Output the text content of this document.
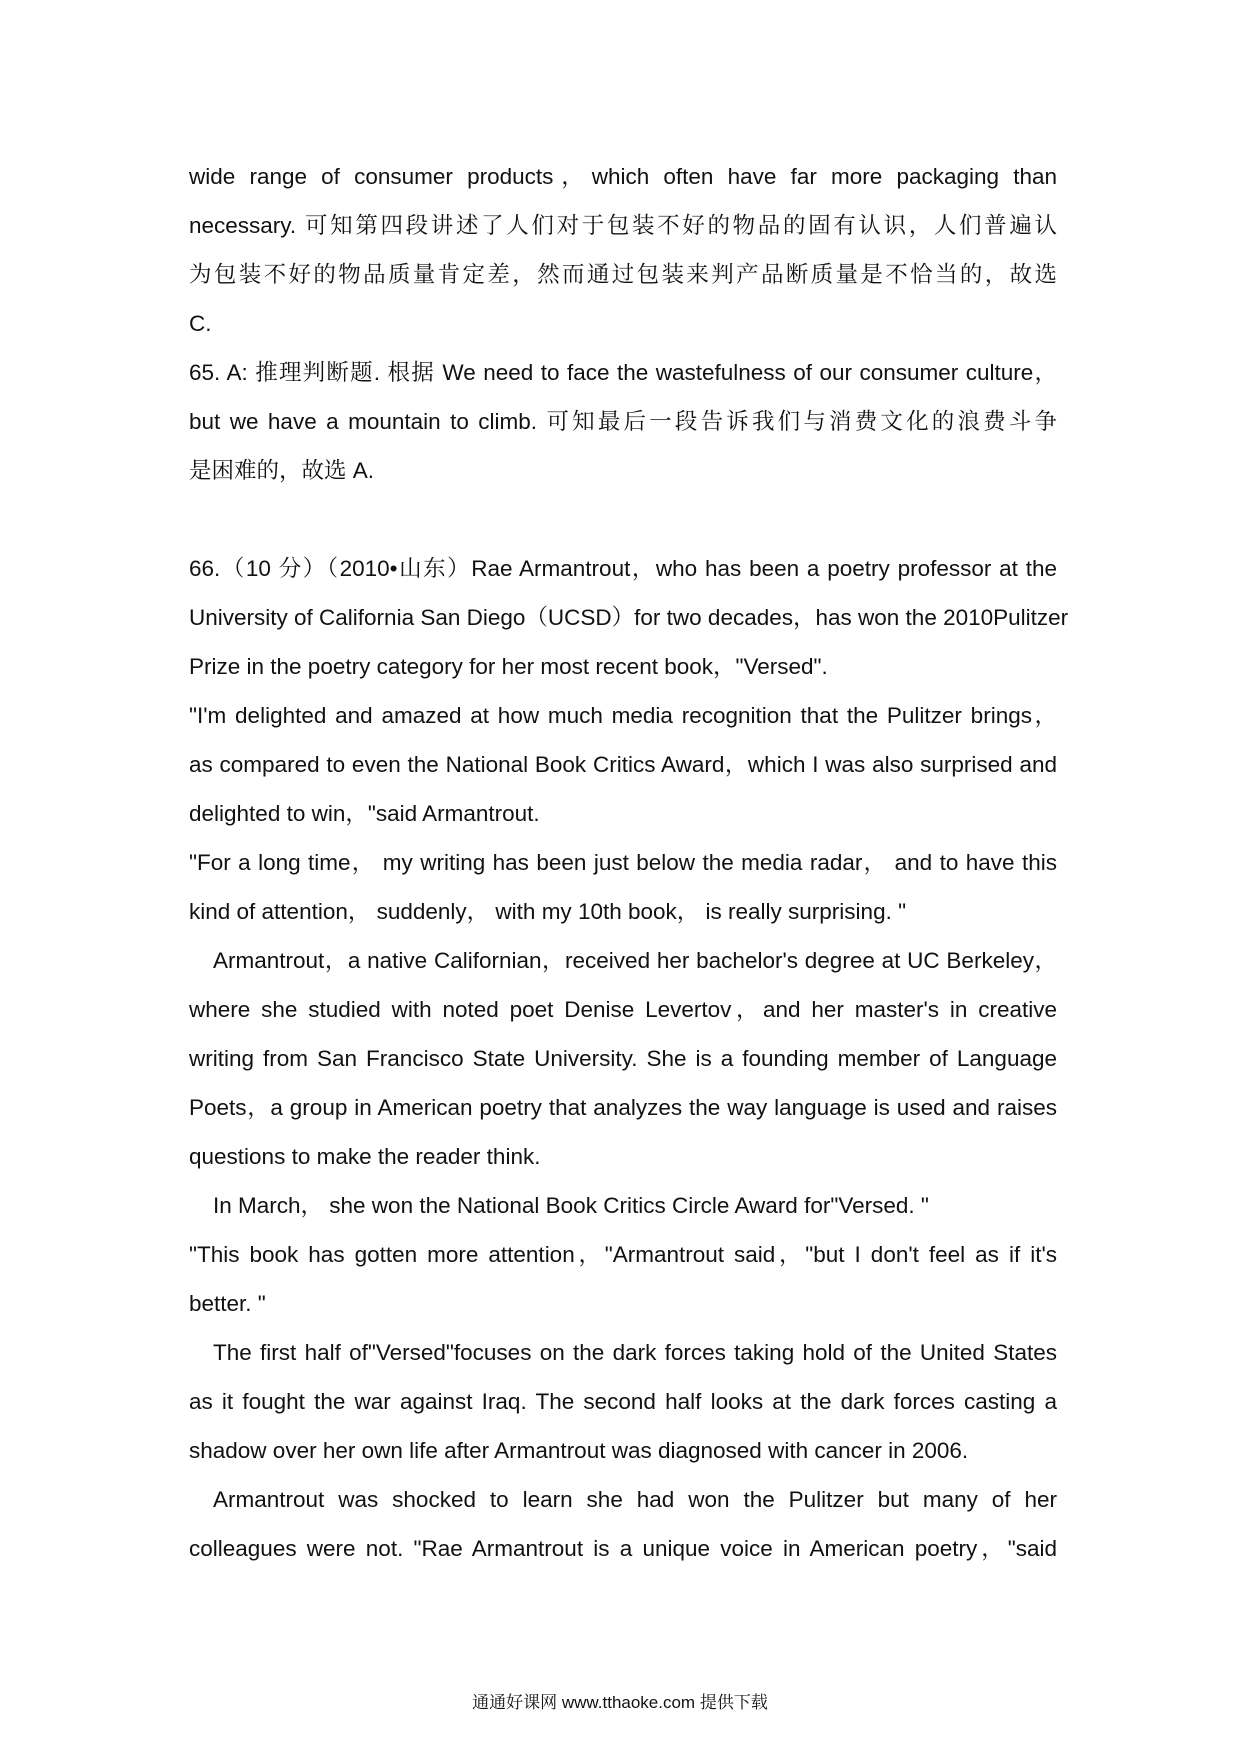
wide range of consumer products，which often have far more packaging than
necessary. 可知第四段讲述了人们对于包装不好的物品的固有认识，人们普遍认
为包装不好的物品质量肯定差，然而通过包装来判产品断质量是不恰当的，故选
C.
65. A: 推理判断题. 根据 We need to face the wastefulness of our consumer culture，
but we have a mountain to climb. 可知最后一段告诉我们与消费文化的浪费斗争
是困难的，故选 A.
66.（10 分）（2010•山东）Rae Armantrout，who has been a poetry professor at the
University of California San Diego（UCSD）for two decades，has won the 2010Pulitzer
Prize in the poetry category for her most recent book，"Versed".
"I'm delighted and amazed at how much media recognition that the Pulitzer brings，
as compared to even the National Book Critics Award，which I was also surprised and
delighted to win，"said Armantrout.
"For a long time， my writing has been just below the media radar， and to have this
kind of attention， suddenly， with my 10th book， is really surprising. "
Armantrout，a native Californian，received her bachelor's degree at UC Berkeley，
where she studied with noted poet Denise Levertov，and her master's in creative
writing from San Francisco State University. She is a founding member of Language
Poets，a group in American poetry that analyzes the way language is used and raises
questions to make the reader think.
In March， she won the National Book Critics Circle Award for"Versed. "
"This book has gotten more attention，"Armantrout said，"but I don't feel as if it's
better. "
The first half of"Versed"focuses on the dark forces taking hold of the United States
as it fought the war against Iraq. The second half looks at the dark forces casting a
shadow over her own life after Armantrout was diagnosed with cancer in 2006.
Armantrout was shocked to learn she had won the Pulitzer but many of her
colleagues were not. "Rae Armantrout is a unique voice in American poetry，"said
通通好课网 www.tthaoke.com 提供下载
